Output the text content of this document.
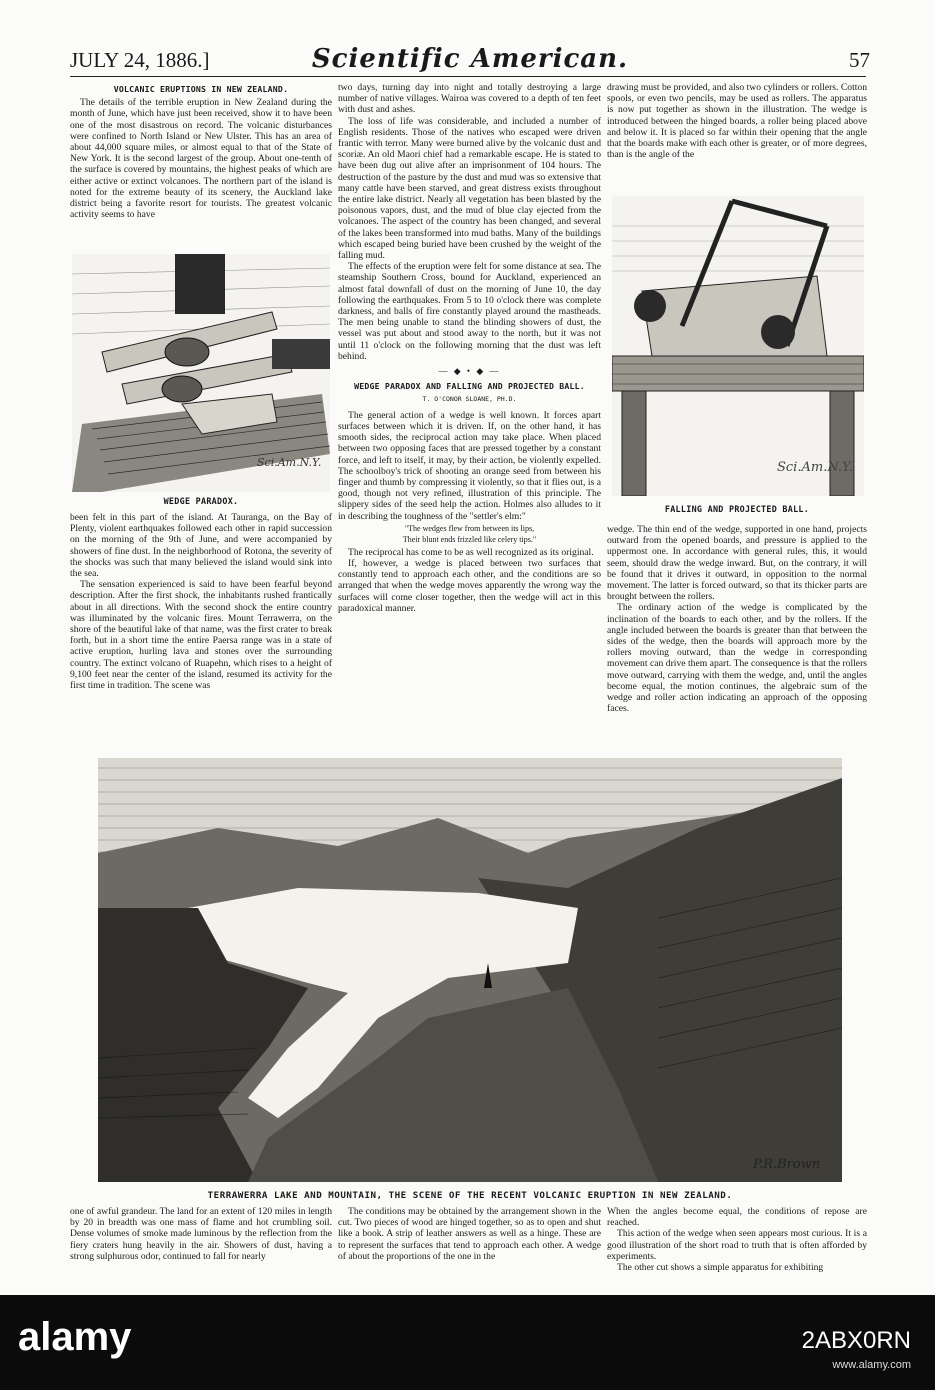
JULY 24, 1886.]	Scientific American.	57
VOLCANIC ERUPTIONS IN NEW ZEALAND.

The details of the terrible eruption in New Zealand during the month of June, which have just been received, show it to have been one of the most disastrous on record. The volcanic disturbances were confined to North Island or New Ulster. This has an area of about 44,000 square miles, or almost equal to that of the State of New York. It is the second largest of the group. About one-tenth of the surface is covered by mountains, the highest peaks of which are either active or extinct volcanoes. The northern part of the island is noted for the extreme beauty of its scenery, the Auckland lake district being a favorite resort for tourists. The greatest volcanic activity seems to have

Sci.Am.N.Y.
WEDGE PARADOX.

been felt in this part of the island. At Tauranga, on the Bay of Plenty, violent earthquakes followed each other in rapid succession on the morning of the 9th of June, and were accompanied by showers of fine dust. In the neighborhood of Rotona, the severity of the shocks was such that many believed the island would sink into the sea.

The sensation experienced is said to have been fearful beyond description. After the first shock, the inhabitants rushed frantically about in all directions. With the second shock the entire country was illuminated by the volcanic fires. Mount Terrawerra, on the shore of the beautiful lake of that name, was the first crater to break forth, but in a short time the entire Paersa range was in a state of active eruption, hurling lava and stones over the surrounding country. The extinct volcano of Ruapehn, which rises to a height of 9,100 feet near the center of the island, resumed its activity for the first time in tradition. The scene was

two days, turning day into night and totally destroying a large number of native villages. Wairoa was covered to a depth of ten feet with dust and ashes.

The loss of life was considerable, and included a number of English residents. Those of the natives who escaped were driven frantic with terror. Many were burned alive by the volcanic dust and scoriæ. An old Maori chief had a remarkable escape. He is stated to have been dug out alive after an imprisonment of 104 hours. The destruction of the pasture by the dust and mud was so extensive that many cattle have been starved, and great distress exists throughout the entire lake district. Nearly all vegetation has been blasted by the poisonous vapors, dust, and the mud of blue clay ejected from the volcanoes. The aspect of the country has been changed, and several of the lakes been transformed into mud baths. Many of the buildings which escaped being buried have been crushed by the weight of the falling mud.

The effects of the eruption were felt for some distance at sea. The steamship Southern Cross, bound for Auckland, experienced an almost fatal downfall of dust on the morning of June 10, the day following the earthquakes. From 5 to 10 o'clock there was complete darkness, and balls of fire constantly played around the mastheads. The men being unable to stand the blinding showers of dust, the vessel was put about and stood away to the north, but it was not until 11 o'clock on the following morning that the dust was left behind.

— ◆ • ◆ —
WEDGE PARADOX AND FALLING AND PROJECTED BALL.
T. O'CONOR SLOANE, PH.D.

The general action of a wedge is well known. It forces apart surfaces between which it is driven. If, on the other hand, it has smooth sides, the reciprocal action may take place. When placed between two opposing faces that are pressed together by a constant force, and left to itself, it may, by their action, be violently expelled. The schoolboy's trick of shooting an orange seed from between his finger and thumb by compressing it violently, so that it flies out, is a good, though not very refined, illustration of this principle. The slippery sides of the seed help the action. Holmes also alludes to it in describing the toughness of the "settler's elm:"

"The wedges flew from between its lips,
Their blunt ends frizzled like celery tips."

The reciprocal has come to be as well recognized as its original.

If, however, a wedge is placed between two surfaces that constantly tend to approach each other, and the conditions are so arranged that when the wedge moves apparently the wrong way the surfaces will come closer together, then the wedge will act in this paradoxical manner.

drawing must be provided, and also two cylinders or rollers. Cotton spools, or even two pencils, may be used as rollers. The apparatus is now put together as shown in the illustration. The wedge is introduced between the hinged boards, a roller being placed above and below it. It is placed so far within their opening that the angle that the boards make with each other is greater, or of more degrees, than is the angle of the

Sci.Am.N.Y.
FALLING AND PROJECTED BALL.

wedge. The thin end of the wedge, supported in one hand, projects outward from the opened boards, and pressure is applied to the uppermost one. In accordance with general rules, this, it would seem, should draw the wedge inward. But, on the contrary, it will be found that it drives it outward, in opposition to the normal movement. The latter is forced outward, so that its thicker parts are brought between the rollers.

The ordinary action of the wedge is complicated by the inclination of the boards to each other, and by the rollers. If the angle included between the boards is greater than that between the sides of the wedge, then the boards will approach more by the rollers moving outward, than the wedge in corresponding movement can drive them apart. The consequence is that the rollers move outward, carrying with them the wedge, and, until the angles become equal, the motion continues, the algebraic sum of the wedge and roller action indicating an approach of the opposing faces.

P.R.Brown
TERRAWERRA LAKE AND MOUNTAIN, THE SCENE OF THE RECENT VOLCANIC ERUPTION IN NEW ZEALAND.

one of awful grandeur. The land for an extent of 120 miles in length by 20 in breadth was one mass of flame and hot crumbling soil. Dense volumes of smoke made luminous by the reflection from the fiery craters hung heavily in the air. Showers of dust, having a strong sulphurous odor, continued to fall for nearly

The conditions may be obtained by the arrangement shown in the cut. Two pieces of wood are hinged together, so as to open and shut like a book. A strip of leather answers as well as a hinge. These are to represent the surfaces that tend to approach each other. A wedge of about the proportions of the one in the

When the angles become equal, the conditions of repose are reached.

This action of the wedge when seen appears most curious. It is a good illustration of the short road to truth that is often afforded by experiments.

The other cut shows a simple apparatus for exhibiting

alamy	2ABX0RN
www.alamy.com
